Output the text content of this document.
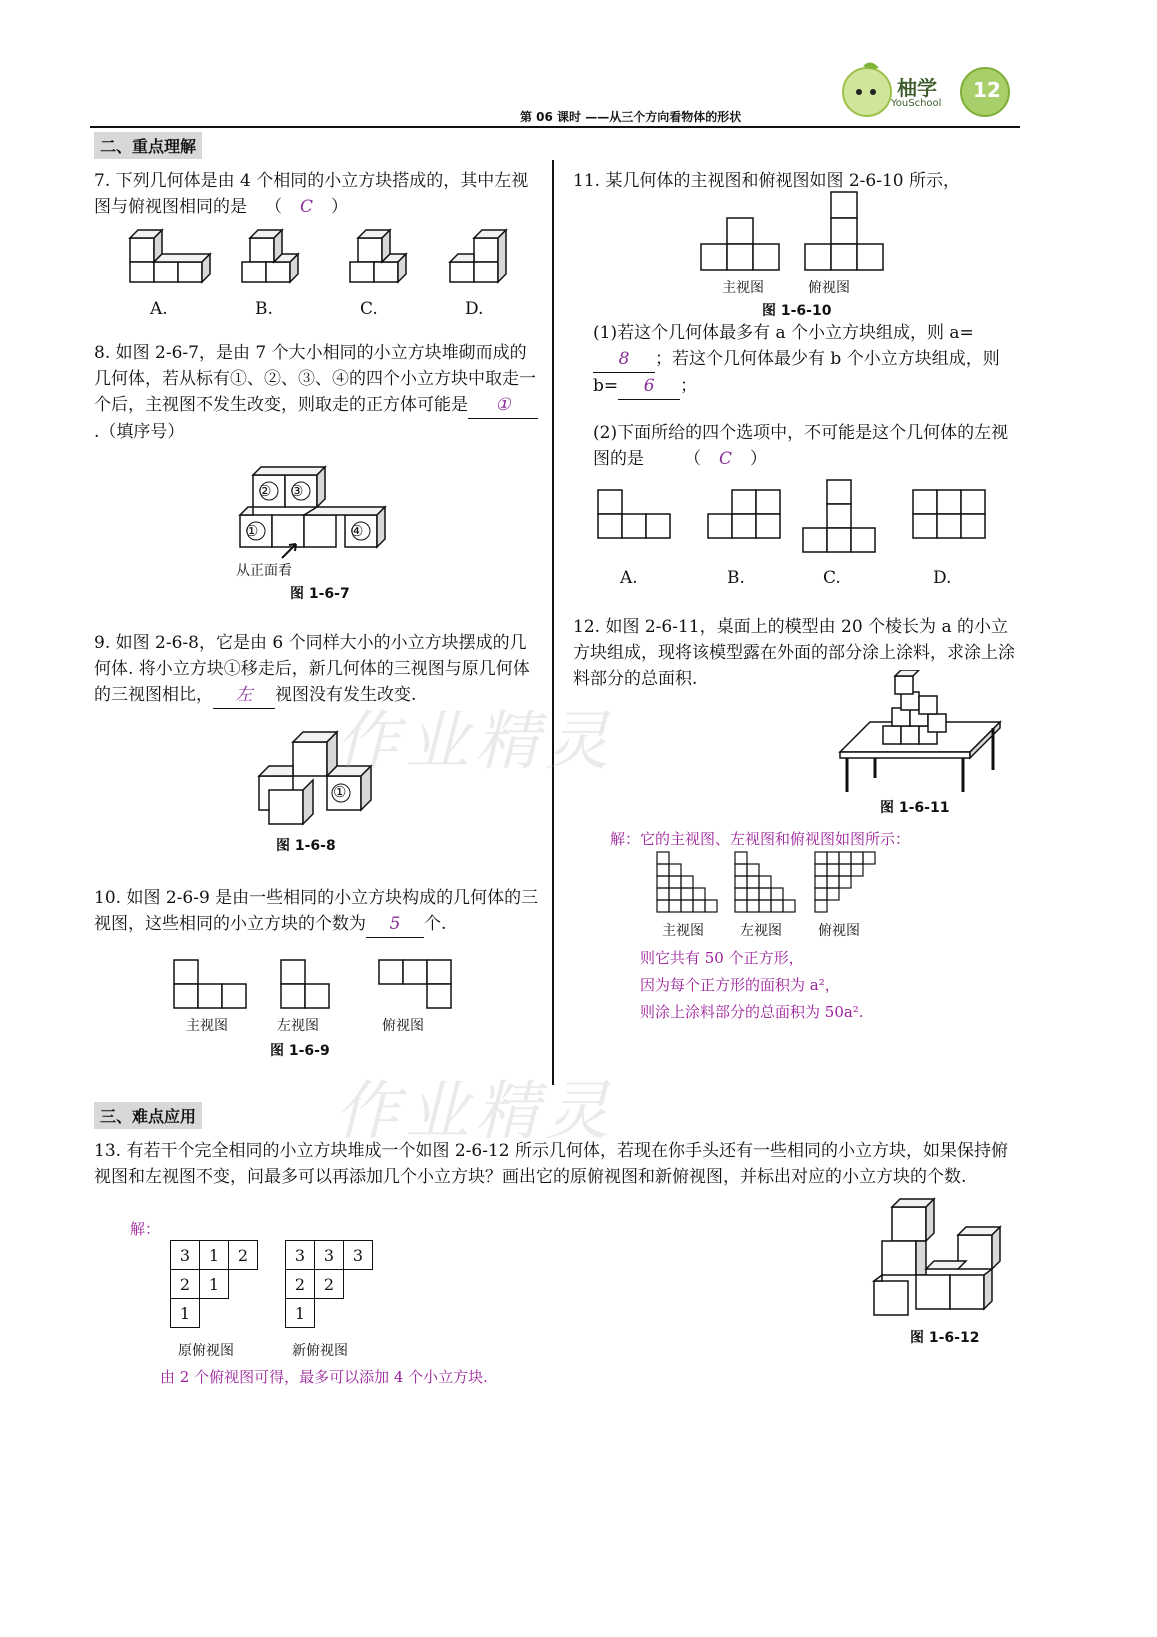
柚学
YouSchool
12
第 06 课时 ——从三个方向看物体的形状
二、重点理解
7. 下列几何体是由 4 个相同的小立方块搭成的，其中左视图与俯视图相同的是 （ C ）
A.	B.	C.	D.
8. 如图 2-6-7，是由 7 个大小相同的小立方块堆砌而成的几何体，若从标有①、②、③、④的四个小立方块中取走一个后，主视图不发生改变，则取走的正方体可能是 ①.（填序号）
② ③
①	④
从正面看
图 1-6-7
9. 如图 2-6-8，它是由 6 个同样大小的小立方块摆成的几何体. 将小立方块①移走后，新几何体的三视图与原几何体的三视图相比， 左 视图没有发生改变.
①
图 1-6-8
10. 如图 2-6-9 是由一些相同的小立方块构成的几何体的三视图，这些相同的小立方块的个数为 5 个.
主视图	左视图	俯视图
图 1-6-9
11. 某几何体的主视图和俯视图如图 2-6-10 所示，
主视图	俯视图
图 1-6-10
(1)若这个几何体最多有 a 个小立方块组成，则 a=8 ；若这个几何体最少有 b 个小立方块组成，则 b= 6 ；
(2)下面所给的四个选项中，不可能是这个几何体的左视图的是 （ C ）
A.	B.	C.	D.
12. 如图 2-6-11，桌面上的模型由 20 个棱长为 a 的小立方块组成，现将该模型露在外面的部分涂上涂料，求涂上涂料部分的总面积.
图 1-6-11
解：它的主视图、左视图和俯视图如图所示：
主视图	左视图	俯视图
则它共有 50 个正方形，
因为每个正方形的面积为 a²，
则涂上涂料部分的总面积为 50a².
作业精灵
作业精灵
三、难点应用
13. 有若干个完全相同的小立方块堆成一个如图 2-6-12 所示几何体，若现在你手头还有一些相同的小立方块，如果保持俯视图和左视图不变，问最多可以再添加几个小立方块？画出它的原俯视图和新俯视图，并标出对应的小立方块的个数.
解：
3	1	2
2	1	
1		
3	3	3
2	2	
1		
原俯视图	新俯视图
由 2 个俯视图可得，最多可以添加 4 个小立方块.
图 1-6-12
